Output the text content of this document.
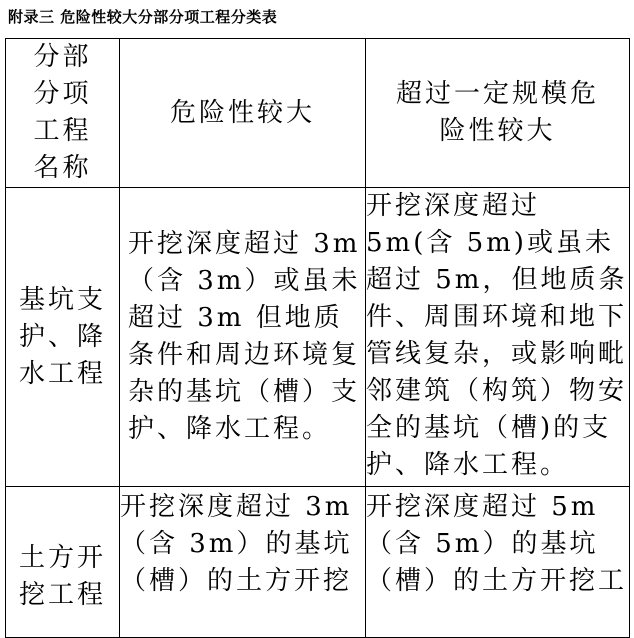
附录三 危险性较大分部分项工程分类表
分部分项工程名称	危险性较大	超过一定规模危险性较大
基坑支护、降水工程	开挖深度超过 3m（含 3m）或虽未超过 3m 但地质条件和周边环境复杂的基坑（槽）支护、降水工程。	开挖深度超过5m(含 5m)或虽未超过 5m，但地质条件、周围环境和地下管线复杂，或影响毗邻建筑（构筑）物安全的基坑（槽)的支护、降水工程。
土方开挖工程	开挖深度超过 3m（含 3m）的基坑（槽）的土方开挖	开挖深度超过 5m（含 5m）的基坑（槽）的土方开挖工
